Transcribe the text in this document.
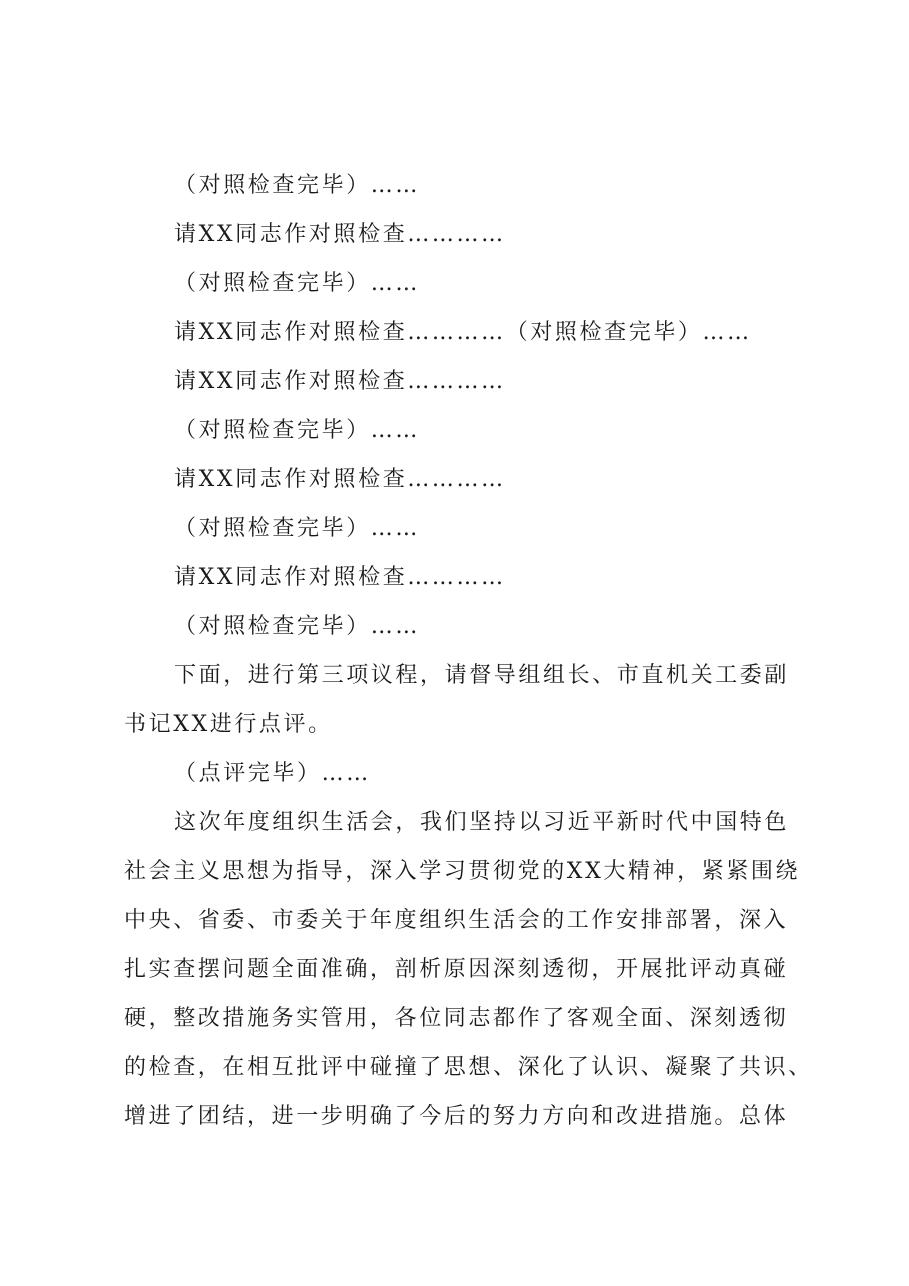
（对照检查完毕）……
请XX同志作对照检查…………
（对照检查完毕）……
请XX同志作对照检查…………（对照检查完毕）……
请XX同志作对照检查…………
（对照检查完毕）……
请XX同志作对照检查…………
（对照检查完毕）……
请XX同志作对照检查…………
（对照检查完毕）……
下面，进行第三项议程，请督导组组长、市直机关工委副
书记XX进行点评。
（点评完毕）……
这次年度组织生活会，我们坚持以习近平新时代中国特色
社会主义思想为指导，深入学习贯彻党的XX大精神，紧紧围绕
中央、省委、市委关于年度组织生活会的工作安排部署，深入
扎实查摆问题全面准确，剖析原因深刻透彻，开展批评动真碰
硬，整改措施务实管用，各位同志都作了客观全面、深刻透彻
的检查，在相互批评中碰撞了思想、深化了认识、凝聚了共识、
增进了团结，进一步明确了今后的努力方向和改进措施。总体
